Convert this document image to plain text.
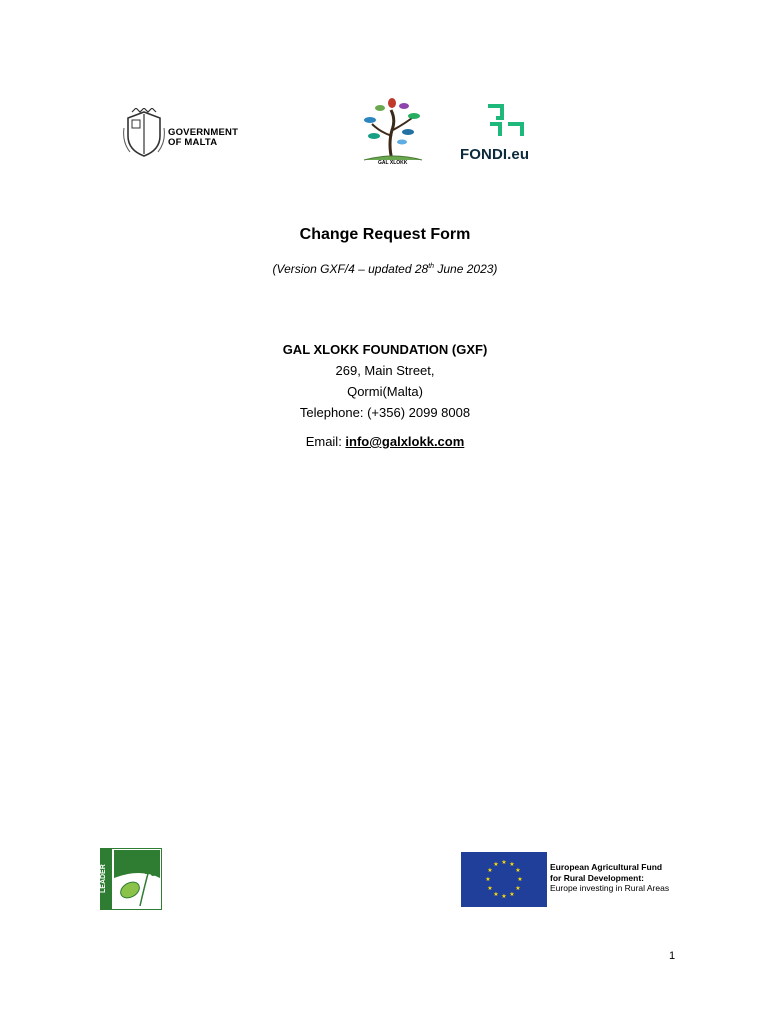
GOVERNMENT
OF MALTA
GAL XLOKK	FONDI.eu
Change Request Form
(Version GXF/4 – updated 28th June 2023)
GAL XLOKK FOUNDATION (GXF)
269, Main Street,
Qormi(Malta)
Telephone: (+356) 2099 8008
Email: info@galxlokk.com
LEADER
★ ★
★
★
★
★
★
★
★
★
★
★	European Agricultural Fund
for Rural Development:
Europe investing in Rural Areas
1
